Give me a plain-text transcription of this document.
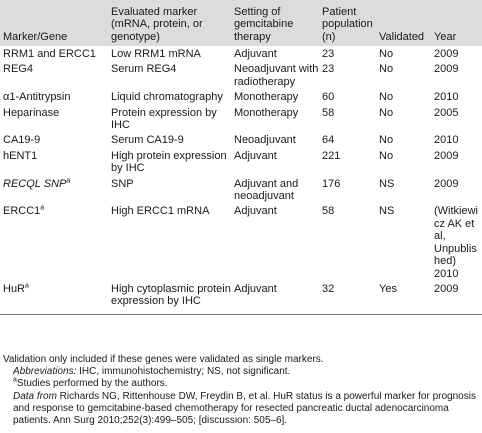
Marker/Gene	Evaluated marker (mRNA, protein, or genotype)	Setting of gemcitabine therapy	Patient population (n)	Validated	Year
RRM1 and ERCC1	Low RRM1 mRNA	Adjuvant	23	No	2009
REG4	Serum REG4	Neoadjuvant with radiotherapy	23	No	2009
α1-Antitrypsin	Liquid chromatography	Monotherapy	60	No	2010
Heparinase	Protein expression by IHC	Monotherapy	58	No	2005
CA19-9	Serum CA19-9	Neoadjuvant	64	No	2010
hENT1	High protein expression by IHC	Adjuvant	221	No	2009
RECQL SNP$^a$	SNP	Adjuvant and neoadjuvant	176	NS	2009
ERCC1$^a$	High ERCC1 mRNA	Adjuvant	58	NS	(Witkiewicz AK et al, Unpublished) 2010
HuR$^a$	High cytoplasmic protein expression by IHC	Adjuvant	32	Yes	2009

Validation only included if these genes were validated as single markers.

Abbreviations: IHC, immunohistochemistry; NS, not significant.

$^a$Studies performed by the authors.

Data from Richards NG, Rittenhouse DW, Freydin B, et al. HuR status is a powerful marker for prognosis and response to gemcitabine-based chemotherapy for resected pancreatic ductal adenocarcinoma patients. Ann Surg 2010;252(3):499–505; [discussion: 505–6].
